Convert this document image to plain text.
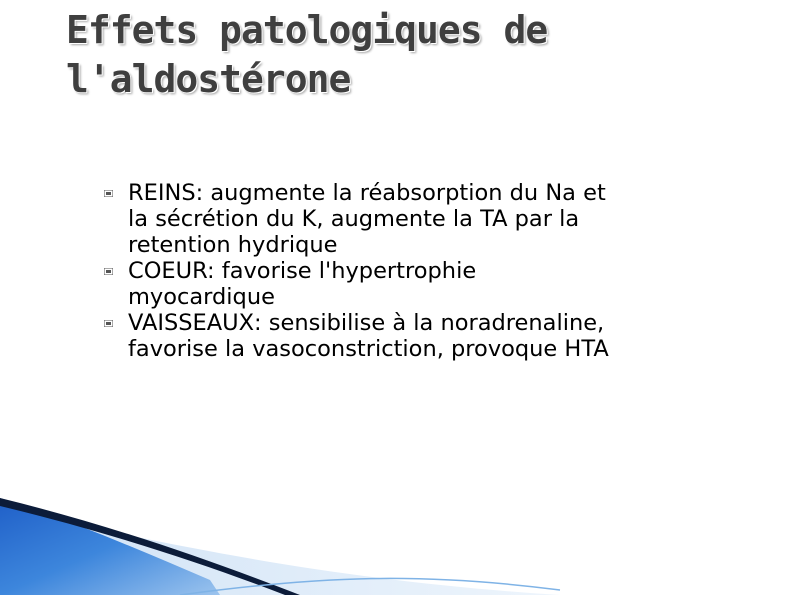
Effets patologiques de
l'aldostérone
REINS: augmente la réabsorption du Na et
la sécrétion du K, augmente la TA par la
retention hydrique
COEUR: favorise l'hypertrophie
myocardique
VAISSEAUX: sensibilise à la noradrenaline,
favorise la vasoconstriction, provoque HTA
